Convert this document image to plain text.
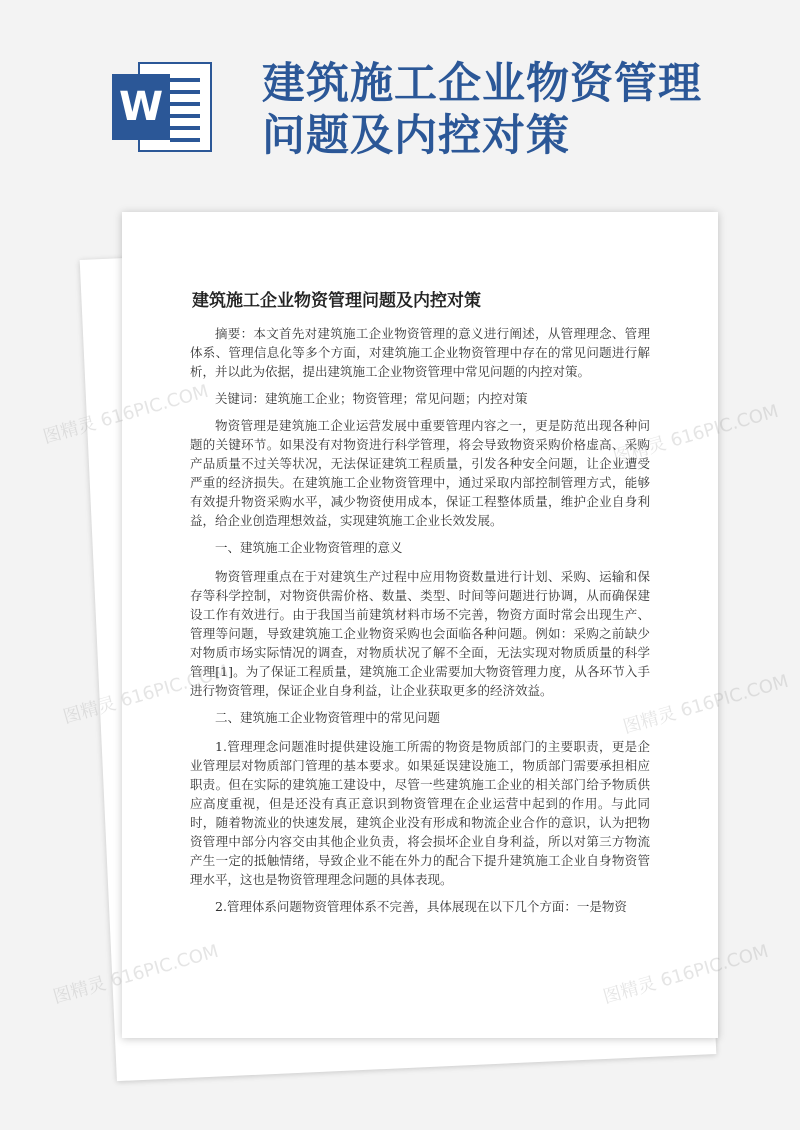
W 建筑施工企业物资管理
问题及内控对策
建筑施工企业物资管理问题及内控对策

摘要：本文首先对建筑施工企业物资管理的意义进行阐述，从管理理念、管理体系、管理信息化等多个方面，对建筑施工企业物资管理中存在的常见问题进行解析，并以此为依据，提出建筑施工企业物资管理中常见问题的内控对策。

关键词：建筑施工企业；物资管理；常见问题；内控对策

物资管理是建筑施工企业运营发展中重要管理内容之一，更是防范出现各种问题的关键环节。如果没有对物资进行科学管理，将会导致物资采购价格虚高、采购产品质量不过关等状况，无法保证建筑工程质量，引发各种安全问题，让企业遭受严重的经济损失。在建筑施工企业物资管理中，通过采取内部控制管理方式，能够有效提升物资采购水平，减少物资使用成本，保证工程整体质量，维护企业自身利益，给企业创造理想效益，实现建筑施工企业长效发展。

一、建筑施工企业物资管理的意义

物资管理重点在于对建筑生产过程中应用物资数量进行计划、采购、运输和保存等科学控制，对物资供需价格、数量、类型、时间等问题进行协调，从而确保建设工作有效进行。由于我国当前建筑材料市场不完善，物资方面时常会出现生产、管理等问题，导致建筑施工企业物资采购也会面临各种问题。例如：采购之前缺少对物质市场实际情况的调查，对物质状况了解不全面，无法实现对物质质量的科学管理[1]。为了保证工程质量，建筑施工企业需要加大物资管理力度，从各环节入手进行物资管理，保证企业自身利益，让企业获取更多的经济效益。

二、建筑施工企业物资管理中的常见问题

1.管理理念问题准时提供建设施工所需的物资是物质部门的主要职责，更是企业管理层对物质部门管理的基本要求。如果延误建设施工，物质部门需要承担相应职责。但在实际的建筑施工建设中，尽管一些建筑施工企业的相关部门给予物质供应高度重视，但是还没有真正意识到物资管理在企业运营中起到的作用。与此同时，随着物流业的快速发展，建筑企业没有形成和物流企业合作的意识，认为把物资管理中部分内容交由其他企业负责，将会损坏企业自身利益，所以对第三方物流产生一定的抵触情绪，导致企业不能在外力的配合下提升建筑施工企业自身物资管理水平，这也是物资管理理念问题的具体表现。

2.管理体系问题物资管理体系不完善，具体展现在以下几个方面：一是物资

图精灵 616PIC.COM	图精灵 616PIC.COM
图精灵 616PIC.COM	图精灵 616PIC.COM
图精灵 616PIC.COM	图精灵 616PIC.COM
